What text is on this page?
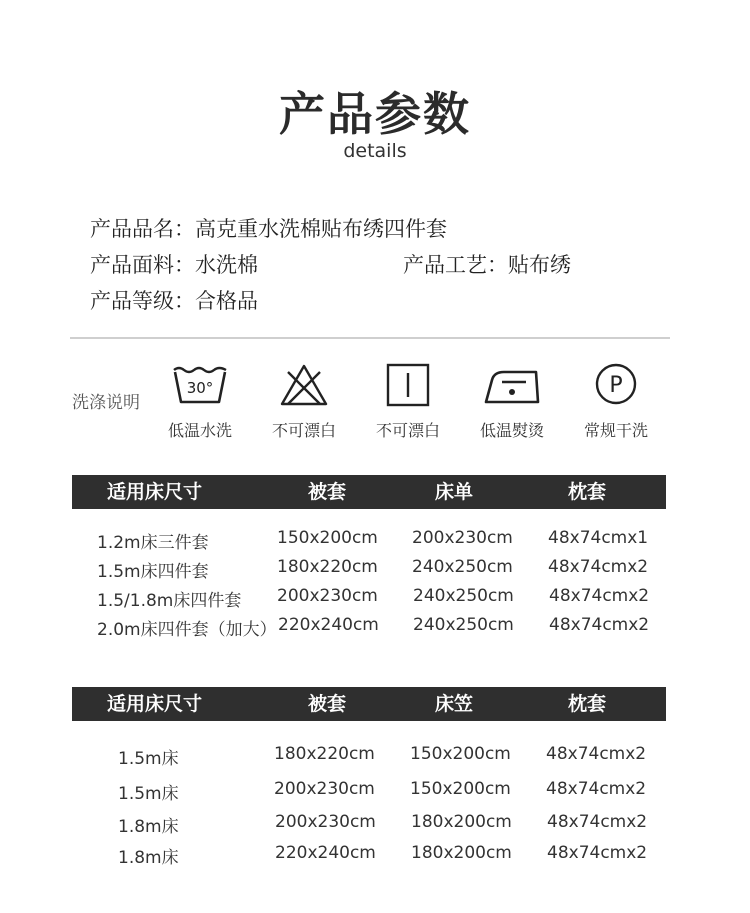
产品参数
details
产品品名：高克重水洗棉贴布绣四件套
产品面料：水洗棉	产品工艺：贴布绣
产品等级：合格品
洗涤说明
30°
低温水洗	不可漂白	不可漂白	低温熨烫
P
常规干洗
适用床尺寸	被套	床单	枕套
1.2m床三件套	150x200cm 200x230cm 48x74cmx1
1.5m床四件套	180x220cm 240x250cm 48x74cmx2
1.5/1.8m床四件套 200x230cm 240x250cm 48x74cmx2
2.0m床四件套（加大） 220x240cm 240x250cm 48x74cmx2
适用床尺寸	被套	床笠	枕套
1.5m床	180x220cm 150x200cm 48x74cmx2
1.5m床	200x230cm 150x200cm 48x74cmx2
1.8m床	200x230cm 180x200cm 48x74cmx2
1.8m床	220x240cm 180x200cm 48x74cmx2
